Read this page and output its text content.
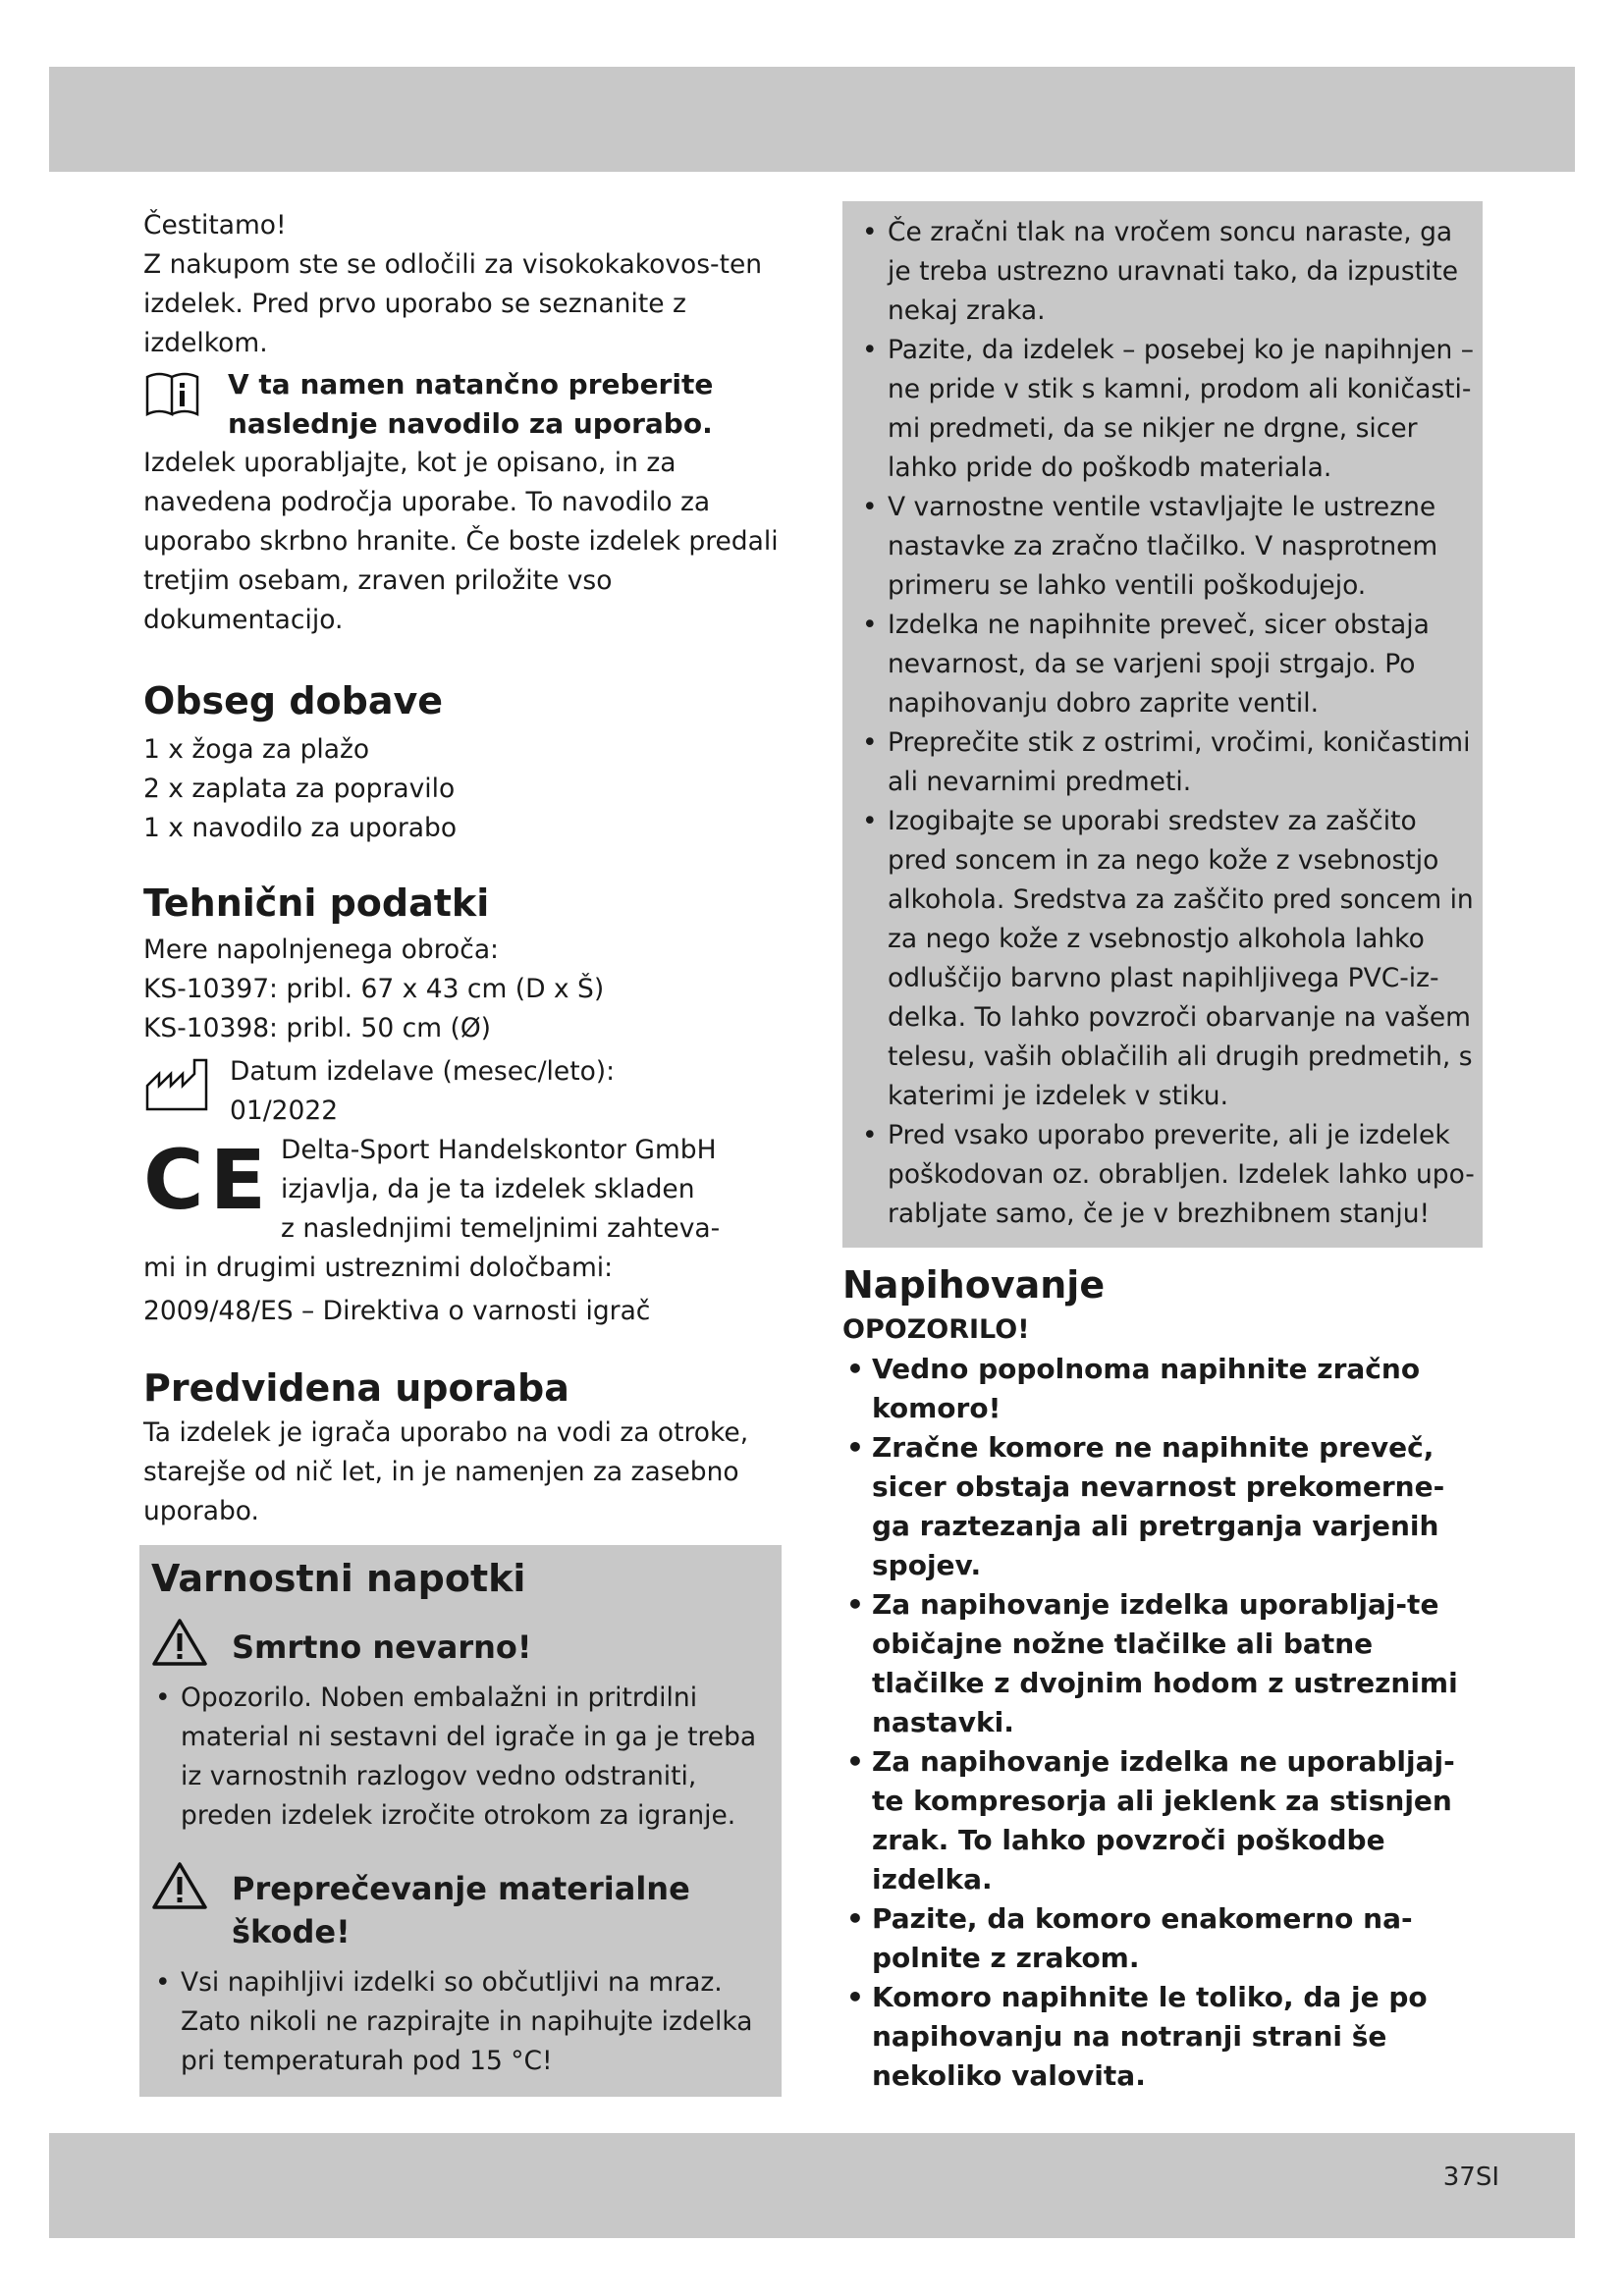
Čestitamo!

Z nakupom ste se odločili za visokokakovos-ten izdelek. Pred prvo uporabo se seznanite z izdelkom.

V ta namen natančno preberite naslednje navodilo za uporabo.

Izdelek uporabljajte, kot je opisano, in za navedena področja uporabe. To navodilo za uporabo skrbno hranite. Če boste izdelek predali tretjim osebam, zraven priložite vso dokumentacijo.

Obseg dobave

1 x žoga za plažo

2 x zaplata za popravilo

1 x navodilo za uporabo

Tehnični podatki

Mere napolnjenega obroča:

KS-10397: pribl. 67 x 43 cm (D x Š)

KS-10398: pribl. 50 cm (Ø)

Datum izdelave (mesec/leto):

01/2022

CE Delta-Sport Handelskontor GmbH

izjavlja, da je ta izdelek skladen

z naslednjimi temeljnimi zahteva-

mi in drugimi ustreznimi določbami:

2009/48/ES – Direktiva o varnosti igrač

Predvidena uporaba

Ta izdelek je igrača uporabo na vodi za otroke, starejše od nič let, in je namenjen za zasebno uporabo.

Varnostni napotki
Smrtno nevarno!
• Opozorilo. Noben embalažni in pritrdilni material ni sestavni del igrače in ga je treba iz varnostnih razlogov vedno odstraniti, preden izdelek izročite otrokom za igranje.
Preprečevanje materialne škode!
• Vsi napihljivi izdelki so občutljivi na mraz. Zato nikoli ne razpirajte in napihujte izdelka pri temperaturah pod 15 °C!
• Če zračni tlak na vročem soncu naraste, ga je treba ustrezno uravnati tako, da izpustite nekaj zraka.
• Pazite, da izdelek – posebej ko je napihnjen – ne pride v stik s kamni, prodom ali koničasti-mi predmeti, da se nikjer ne drgne, sicer lahko pride do poškodb materiala.
• V varnostne ventile vstavljajte le ustrezne nastavke za zračno tlačilko. V nasprotnem primeru se lahko ventili poškodujejo.
• Izdelka ne napihnite preveč, sicer obstaja nevarnost, da se varjeni spoji strgajo. Po napihovanju dobro zaprite ventil.
• Preprečite stik z ostrimi, vročimi, koničastimi ali nevarnimi predmeti.
• Izogibajte se uporabi sredstev za zaščito pred soncem in za nego kože z vsebnostjo alkohola. Sredstva za zaščito pred soncem in za nego kože z vsebnostjo alkohola lahko odluščijo barvno plast napihljivega PVC-iz-delka. To lahko povzroči obarvanje na vašem telesu, vaših oblačilih ali drugih predmetih, s katerimi je izdelek v stiku.
• Pred vsako uporabo preverite, ali je izdelek poškodovan oz. obrabljen. Izdelek lahko upo-rabljate samo, če je v brezhibnem stanju!
Napihovanje

OPOZORILO!

• Vedno popolnoma napihnite zračno komoro!
• Zračne komore ne napihnite preveč, sicer obstaja nevarnost prekomerne-ga raztezanja ali pretrganja varjenih spojev.
• Za napihovanje izdelka uporabljaj-te običajne nožne tlačilke ali batne tlačilke z dvojnim hodom z ustreznimi nastavki.
• Za napihovanje izdelka ne uporabljaj-te kompresorja ali jeklenk za stisnjen zrak. To lahko povzroči poškodbe izdelka.
• Pazite, da komoro enakomerno na-polnite z zrakom.
• Komoro napihnite le toliko, da je po napihovanju na notranji strani še nekoliko valovita.
37SI
